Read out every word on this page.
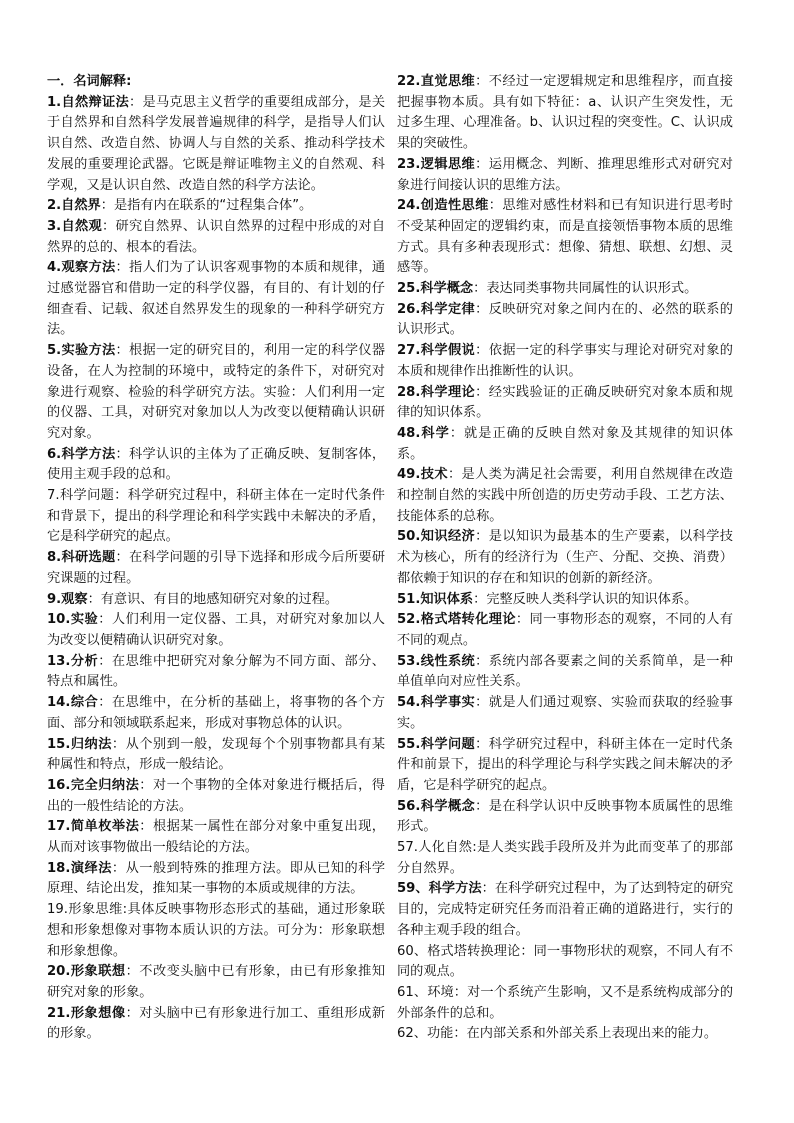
一．名词解释:

1.自然辩证法：是马克思主义哲学的重要组成部分，是关于自然界和自然科学发展普遍规律的科学，是指导人们认识自然、改造自然、协调人与自然的关系、推动科学技术发展的重要理论武器。它既是辩证唯物主义的自然观、科学观，又是认识自然、改造自然的科学方法论。

2.自然界：是指有内在联系的“过程集合体”。

3.自然观：研究自然界、认识自然界的过程中形成的对自然界的总的、根本的看法。

4.观察方法：指人们为了认识客观事物的本质和规律，通过感觉器官和借助一定的科学仪器，有目的、有计划的仔细查看、记载、叙述自然界发生的现象的一种科学研究方法。

5.实验方法：根据一定的研究目的，利用一定的科学仪器设备，在人为控制的环境中，或特定的条件下，对研究对象进行观察、检验的科学研究方法。实验：人们利用一定的仪器、工具，对研究对象加以人为改变以便精确认识研究对象。

6.科学方法：科学认识的主体为了正确反映、复制客体，使用主观手段的总和。

7.科学问题：科学研究过程中，科研主体在一定时代条件和背景下，提出的科学理论和科学实践中未解决的矛盾，它是科学研究的起点。

8.科研选题：在科学问题的引导下选择和形成今后所要研究课题的过程。

9.观察：有意识、有目的地感知研究对象的过程。

10.实验：人们利用一定仪器、工具，对研究对象加以人为改变以便精确认识研究对象。

13.分析：在思维中把研究对象分解为不同方面、部分、特点和属性。

14.综合：在思维中，在分析的基础上，将事物的各个方面、部分和领域联系起来，形成对事物总体的认识。

15.归纳法：从个别到一般，发现每个个别事物都具有某种属性和特点，形成一般结论。

16.完全归纳法：对一个事物的全体对象进行概括后，得出的一般性结论的方法。

17.简单枚举法：根据某一属性在部分对象中重复出现，从而对该事物做出一般结论的方法。

18.演绎法：从一般到特殊的推理方法。即从已知的科学原理、结论出发，推知某一事物的本质或规律的方法。

19.形象思维:具体反映事物形态形式的基础，通过形象联想和形象想像对事物本质认识的方法。可分为：形象联想和形象想像。

20.形象联想：不改变头脑中已有形象，由已有形象推知研究对象的形象。

21.形象想像：对头脑中已有形象进行加工、重组形成新的形象。

22.直觉思维：不经过一定逻辑规定和思维程序，而直接把握事物本质。具有如下特征：a、认识产生突发性，无过多生理、心理准备。b、认识过程的突变性。C、认识成果的突破性。

23.逻辑思维：运用概念、判断、推理思维形式对研究对象进行间接认识的思维方法。

24.创造性思维：思维对感性材料和已有知识进行思考时不受某种固定的逻辑约束，而是直接领悟事物本质的思维方式。具有多种表现形式：想像、猜想、联想、幻想、灵感等。

25.科学概念：表达同类事物共同属性的认识形式。

26.科学定律：反映研究对象之间内在的、必然的联系的认识形式。

27.科学假说：依据一定的科学事实与理论对研究对象的本质和规律作出推断性的认识。

28.科学理论：经实践验证的正确反映研究对象本质和规律的知识体系。

48.科学：就是正确的反映自然对象及其规律的知识体系。

49.技术：是人类为满足社会需要，利用自然规律在改造和控制自然的实践中所创造的历史劳动手段、工艺方法、技能体系的总称。

50.知识经济：是以知识为最基本的生产要素，以科学技术为核心，所有的经济行为（生产、分配、交换、消费）都依赖于知识的存在和知识的创新的新经济。

51.知识体系：完整反映人类科学认识的知识体系。

52.格式塔转化理论：同一事物形态的观察，不同的人有不同的观点。

53.线性系统：系统内部各要素之间的关系简单，是一种单值单向对应性关系。

54.科学事实：就是人们通过观察、实验而获取的经验事实。

55.科学问题：科学研究过程中，科研主体在一定时代条件和前景下，提出的科学理论与科学实践之间未解决的矛盾，它是科学研究的起点。

56.科学概念：是在科学认识中反映事物本质属性的思维形式。

57.人化自然:是人类实践手段所及并为此而变革了的那部分自然界。

59、科学方法：在科学研究过程中，为了达到特定的研究目的，完成特定研究任务而沿着正确的道路进行，实行的各种主观手段的组合。

60、格式塔转换理论：同一事物形状的观察，不同人有不同的观点。

61、环境：对一个系统产生影响，又不是系统构成部分的外部条件的总和。

62、功能：在内部关系和外部关系上表现出来的能力。
